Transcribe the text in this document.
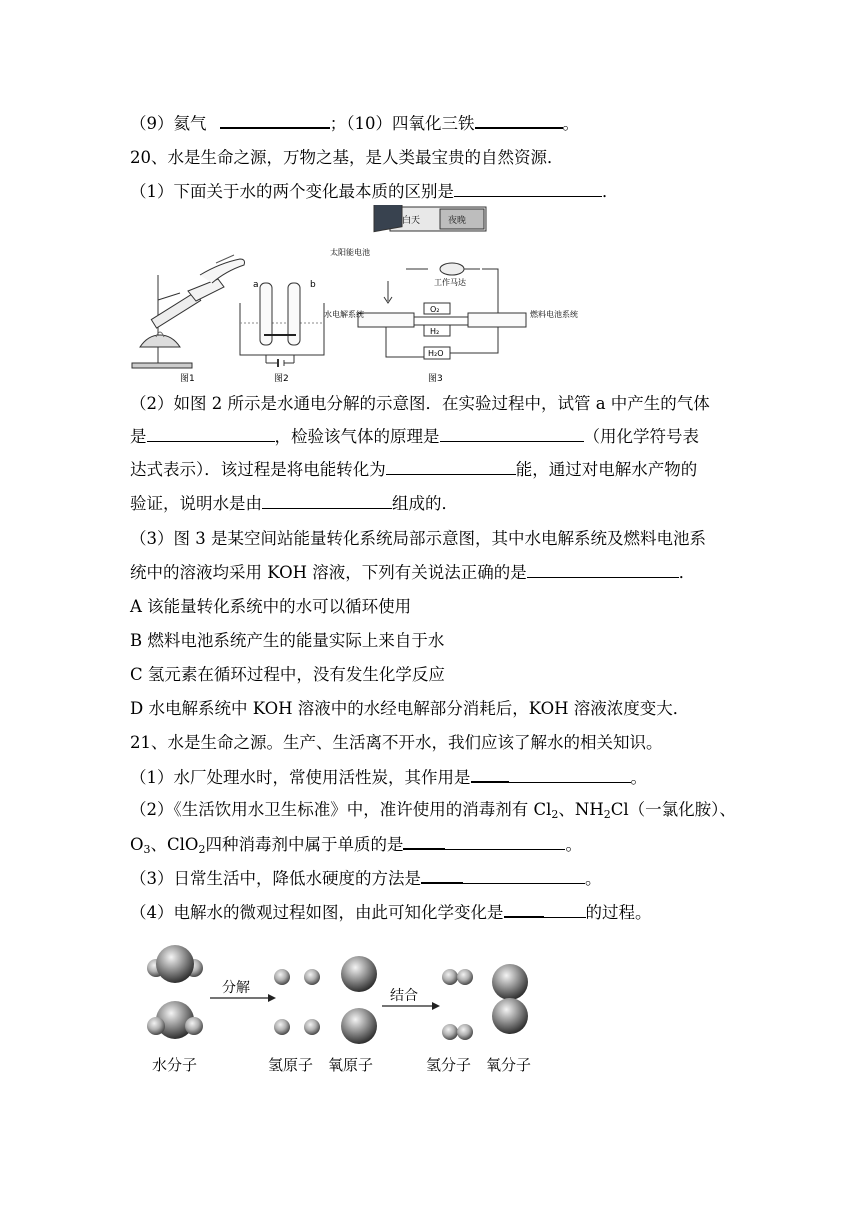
（9）氦气	；（10）四氧化三铁	。
20、水是生命之源，万物之基，是人类最宝贵的自然资源．
（1）下面关于水的两个变化最本质的区别是	．
图1
a	b
图2
白天	夜晚
太阳能电池
工作马达
水电解系统	燃料电池系统
O₂
H₂
H₂O
图3
（2）如图 2 所示是水通电分解的示意图．在实验过程中，试管 a 中产生的气体
是	，检验该气体的原理是	（用化学符号表
达式表示）．该过程是将电能转化为	能，通过对电解水产物的
验证，说明水是由	组成的．
（3）图 3 是某空间站能量转化系统局部示意图，其中水电解系统及燃料电池系
统中的溶液均采用 KOH 溶液，下列有关说法正确的是	．
A 该能量转化系统中的水可以循环使用
B 燃料电池系统产生的能量实际上来自于水
C 氢元素在循环过程中，没有发生化学反应
D 水电解系统中 KOH 溶液中的水经电解部分消耗后，KOH 溶液浓度变大．
21、水是生命之源。生产、生活离不开水，我们应该了解水的相关知识。
（1）水厂处理水时，常使用活性炭，其作用是	。
（2）《生活饮用水卫生标准》中，准许使用的消毒剂有 $Cl_2$、$NH_2Cl$（一氯化胺）、
$O_3$、ClO$_2$四种消毒剂中属于单质的是	。
（3）日常生活中，降低水硬度的方法是	。
（4）电解水的微观过程如图，由此可知化学变化是	的过程。
分解	结合
水分子	氢原子 氧原子	氢分子 氧分子
